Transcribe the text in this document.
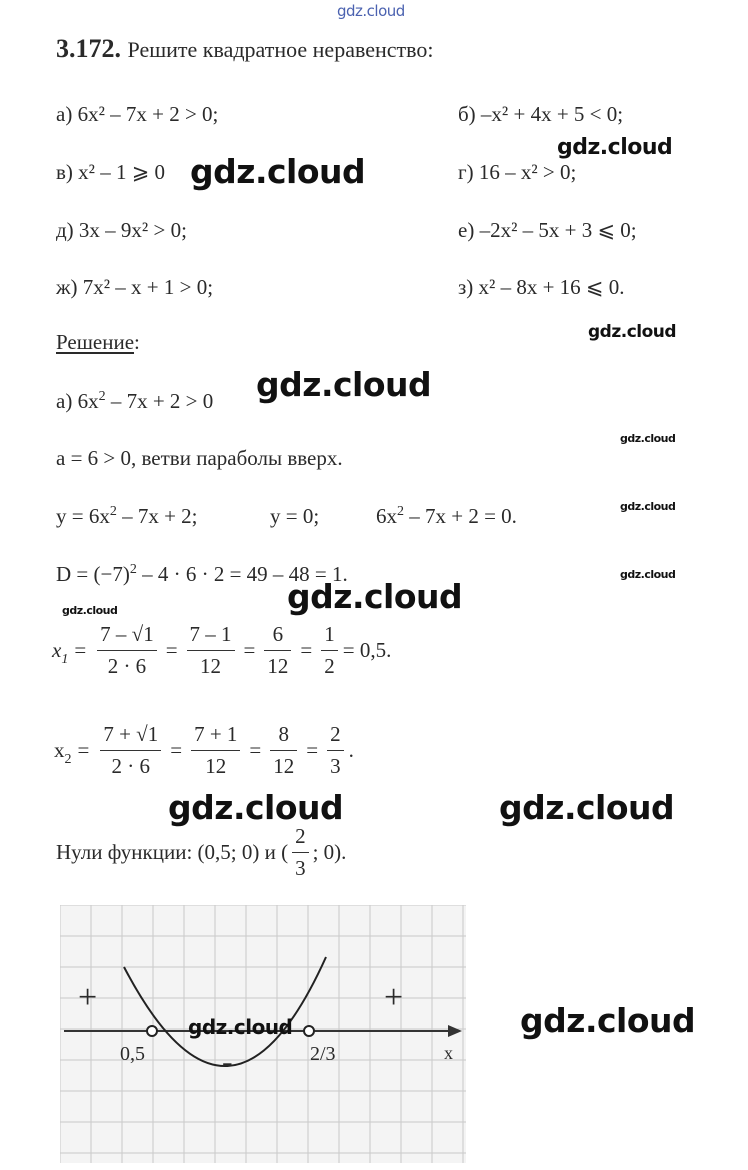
gdz.cloud
gdz.cloud
gdz.cloud
gdz.cloud
gdz.cloud
gdz.cloud
gdz.cloud
gdz.cloud
gdz.cloud	gdz.cloud
gdz.cloud	gdz.cloud
gdz.cloud
3.172. Решите квадратное неравенство:
а) 6x² – 7x + 2 > 0;	б) –x² + 4x + 5 < 0;
в) x² – 1 ⩾ 0	г) 16 – x² > 0;
д) 3x – 9x² > 0;	е) –2x² – 5x + 3 ⩽ 0;
ж) 7x² – x + 1 > 0;	з) x² – 8x + 16 ⩽ 0.
Решение:
а) $6x^2 - 7x + 2 > 0$
a = 6 > 0, ветви параболы вверх.
$y = 6x^2 - 7x + 2$;	y = 0;	$6x^2 - 7x + 2 = 0$.
$D = (-7)^2 - 4 \cdot 6 \cdot 2 = 49 - 48 = 1$.
$x_1 = \frac{7 - √1}{2 \cdot 6} = \frac{7 - 1}{12} = \frac{6}{12} = \frac{1}{2} = 0,5$.
$x_2 = \frac{7 + √1}{2 \cdot 6} = \frac{7 + 1}{12} = \frac{8}{12} = \frac{2}{3}$ .
Нули функции: (0,5; 0) и ( $\frac{2}{3}$ ; 0).
+	+
-
0,5	2/3	x
gdz.cloud
